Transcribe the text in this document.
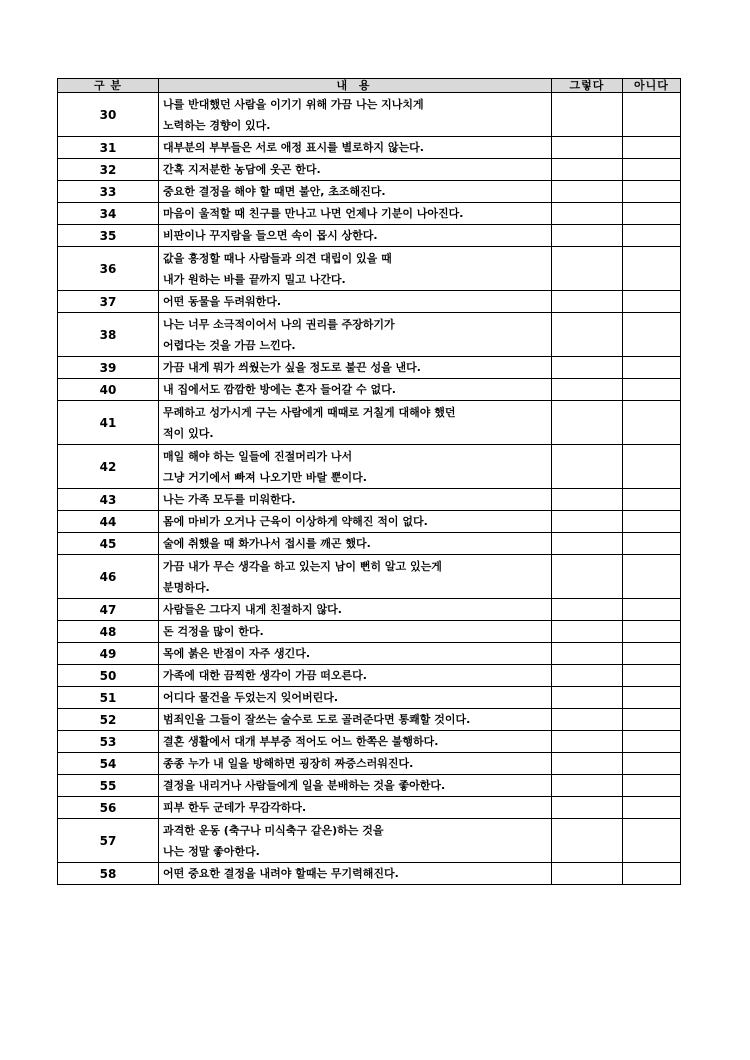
구 분	내 용	그렇다	아니다
30	나를 반대했던 사람을 이기기 위해 가끔 나는 지나치게
노력하는 경향이 있다.		
31	대부분의 부부들은 서로 애정 표시를 별로하지 않는다.		
32	간혹 지저분한 농담에 웃곤 한다.		
33	중요한 결정을 해야 할 때면 불안, 초조해진다.		
34	마음이 울적할 때 친구를 만나고 나면 언제나 기분이 나아진다.		
35	비판이나 꾸지람을 들으면 속이 몹시 상한다.		
36	값을 흥정할 때나 사람들과 의견 대립이 있을 때
내가 원하는 바를 끝까지 밀고 나간다.		
37	어떤 동물을 두려워한다.		
38	나는 너무 소극적이어서 나의 권리를 주장하기가
어렵다는 것을 가끔 느낀다.		
39	가끔 내게 뭐가 씌웠는가 싶을 정도로 불끈 성을 낸다.		
40	내 집에서도 깜깜한 방에는 혼자 들어갈 수 없다.		
41	무례하고 성가시게 구는 사람에게 때때로 거칠게 대해야 했던
적이 있다.		
42	매일 해야 하는 일들에 진절머리가 나서
그냥 거기에서 빠져 나오기만 바랄 뿐이다.		
43	나는 가족 모두를 미워한다.		
44	몸에 마비가 오거나 근육이 이상하게 약해진 적이 없다.		
45	술에 취했을 때 화가나서 접시를 깨곤 했다.		
46	가끔 내가 무슨 생각을 하고 있는지 남이 뻔히 알고 있는게
분명하다.		
47	사람들은 그다지 내게 친절하지 않다.		
48	돈 걱정을 많이 한다.		
49	목에 붉은 반점이 자주 생긴다.		
50	가족에 대한 끔찍한 생각이 가끔 떠오른다.		
51	어디다 물건을 두었는지 잊어버린다.		
52	범죄인을 그들이 잘쓰는 술수로 도로 골려준다면 통쾌할 것이다.		
53	결혼 생활에서 대개 부부중 적어도 어느 한쪽은 불행하다.		
54	종종 누가 내 일을 방해하면 굉장히 짜증스러워진다.		
55	결정을 내리거나 사람들에게 일을 분배하는 것을 좋아한다.		
56	피부 한두 군데가 무감각하다.		
57	과격한 운동 (축구나 미식축구 같은)하는 것을
나는 정말 좋아한다.		
58	어떤 중요한 결정을 내려야 할때는 무기력해진다.		
